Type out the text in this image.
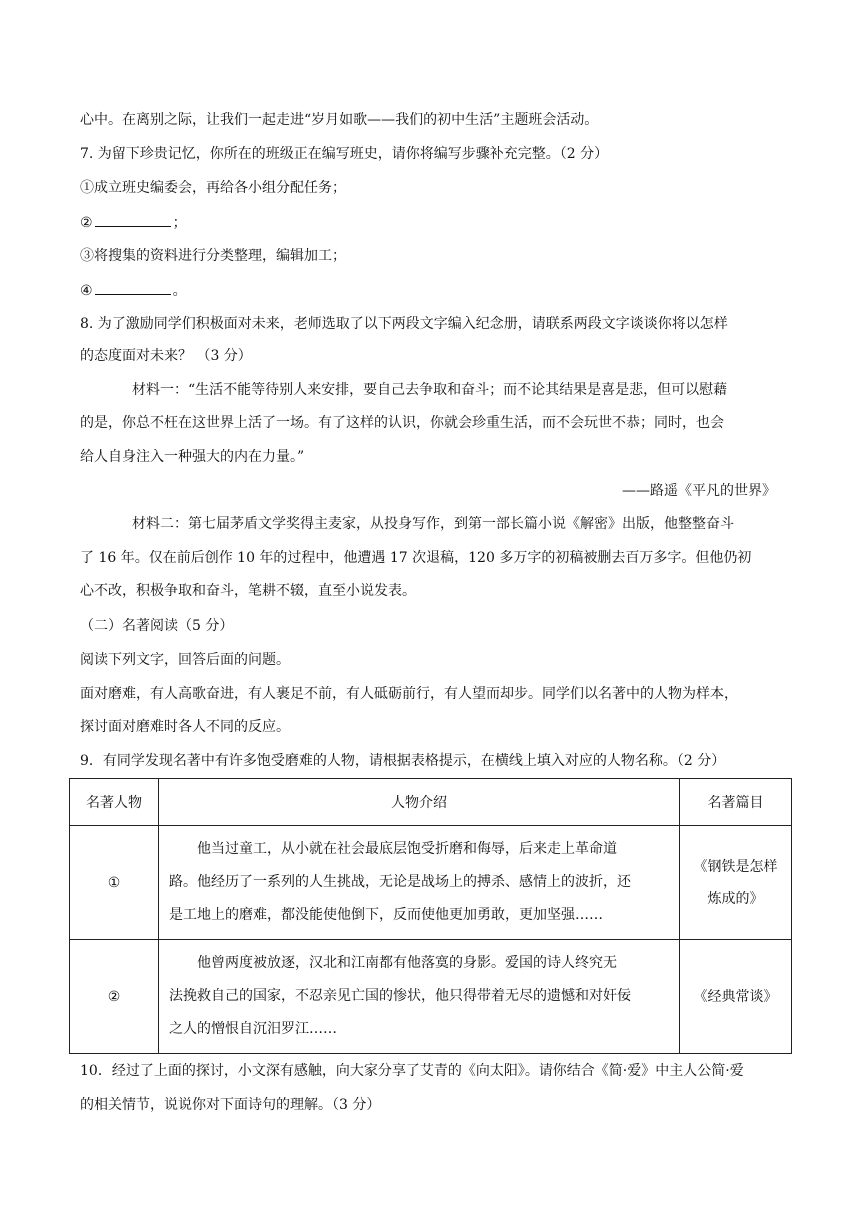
心中。在离别之际，让我们一起走进“岁月如歌——我们的初中生活”主题班会活动。
7. 为留下珍贵记忆，你所在的班级正在编写班史，请你将编写步骤补充完整。（2 分）
①成立班史编委会，再给各小组分配任务；
②	；
③将搜集的资料进行分类整理，编辑加工；
④	。
8. 为了激励同学们积极面对未来，老师选取了以下两段文字编入纪念册，请联系两段文字谈谈你将以怎样
的态度面对未来？ （3 分）
材料一：“生活不能等待别人来安排，要自己去争取和奋斗；而不论其结果是喜是悲，但可以慰藉
的是，你总不枉在这世界上活了一场。有了这样的认识，你就会珍重生活，而不会玩世不恭；同时，也会
给人自身注入一种强大的内在力量。”
——路遥《平凡的世界》
材料二：第七届茅盾文学奖得主麦家，从投身写作，到第一部长篇小说《解密》出版，他整整奋斗
了 16 年。仅在前后创作 10 年的过程中，他遭遇 17 次退稿，120 多万字的初稿被删去百万多字。但他仍初
心不改，积极争取和奋斗，笔耕不辍，直至小说发表。
（二）名著阅读（5 分）
阅读下列文字，回答后面的问题。
面对磨难，有人高歌奋进，有人裹足不前，有人砥砺前行，有人望而却步。同学们以名著中的人物为样本，
探讨面对磨难时各人不同的反应。
9．有同学发现名著中有许多饱受磨难的人物，请根据表格提示，在横线上填入对应的人物名称。（2 分）
名著人物	人物介绍	名著篇目
①	他当过童工，从小就在社会最底层饱受折磨和侮辱，后来走上革命道
路。他经历了一系列的人生挑战，无论是战场上的搏杀、感情上的波折，还
是工地上的磨难，都没能使他倒下，反而使他更加勇敢，更加坚强……	《钢铁是怎样
炼成的》
②	他曾两度被放逐，汉北和江南都有他落寞的身影。爱国的诗人终究无
法挽救自己的国家，不忍亲见亡国的惨状，他只得带着无尽的遗憾和对奸佞
之人的憎恨自沉汨罗江……	《经典常谈》
10．经过了上面的探讨，小文深有感触，向大家分享了艾青的《向太阳》。请你结合《简·爱》中主人公简·爱
的相关情节，说说你对下面诗句的理解。（3 分）
